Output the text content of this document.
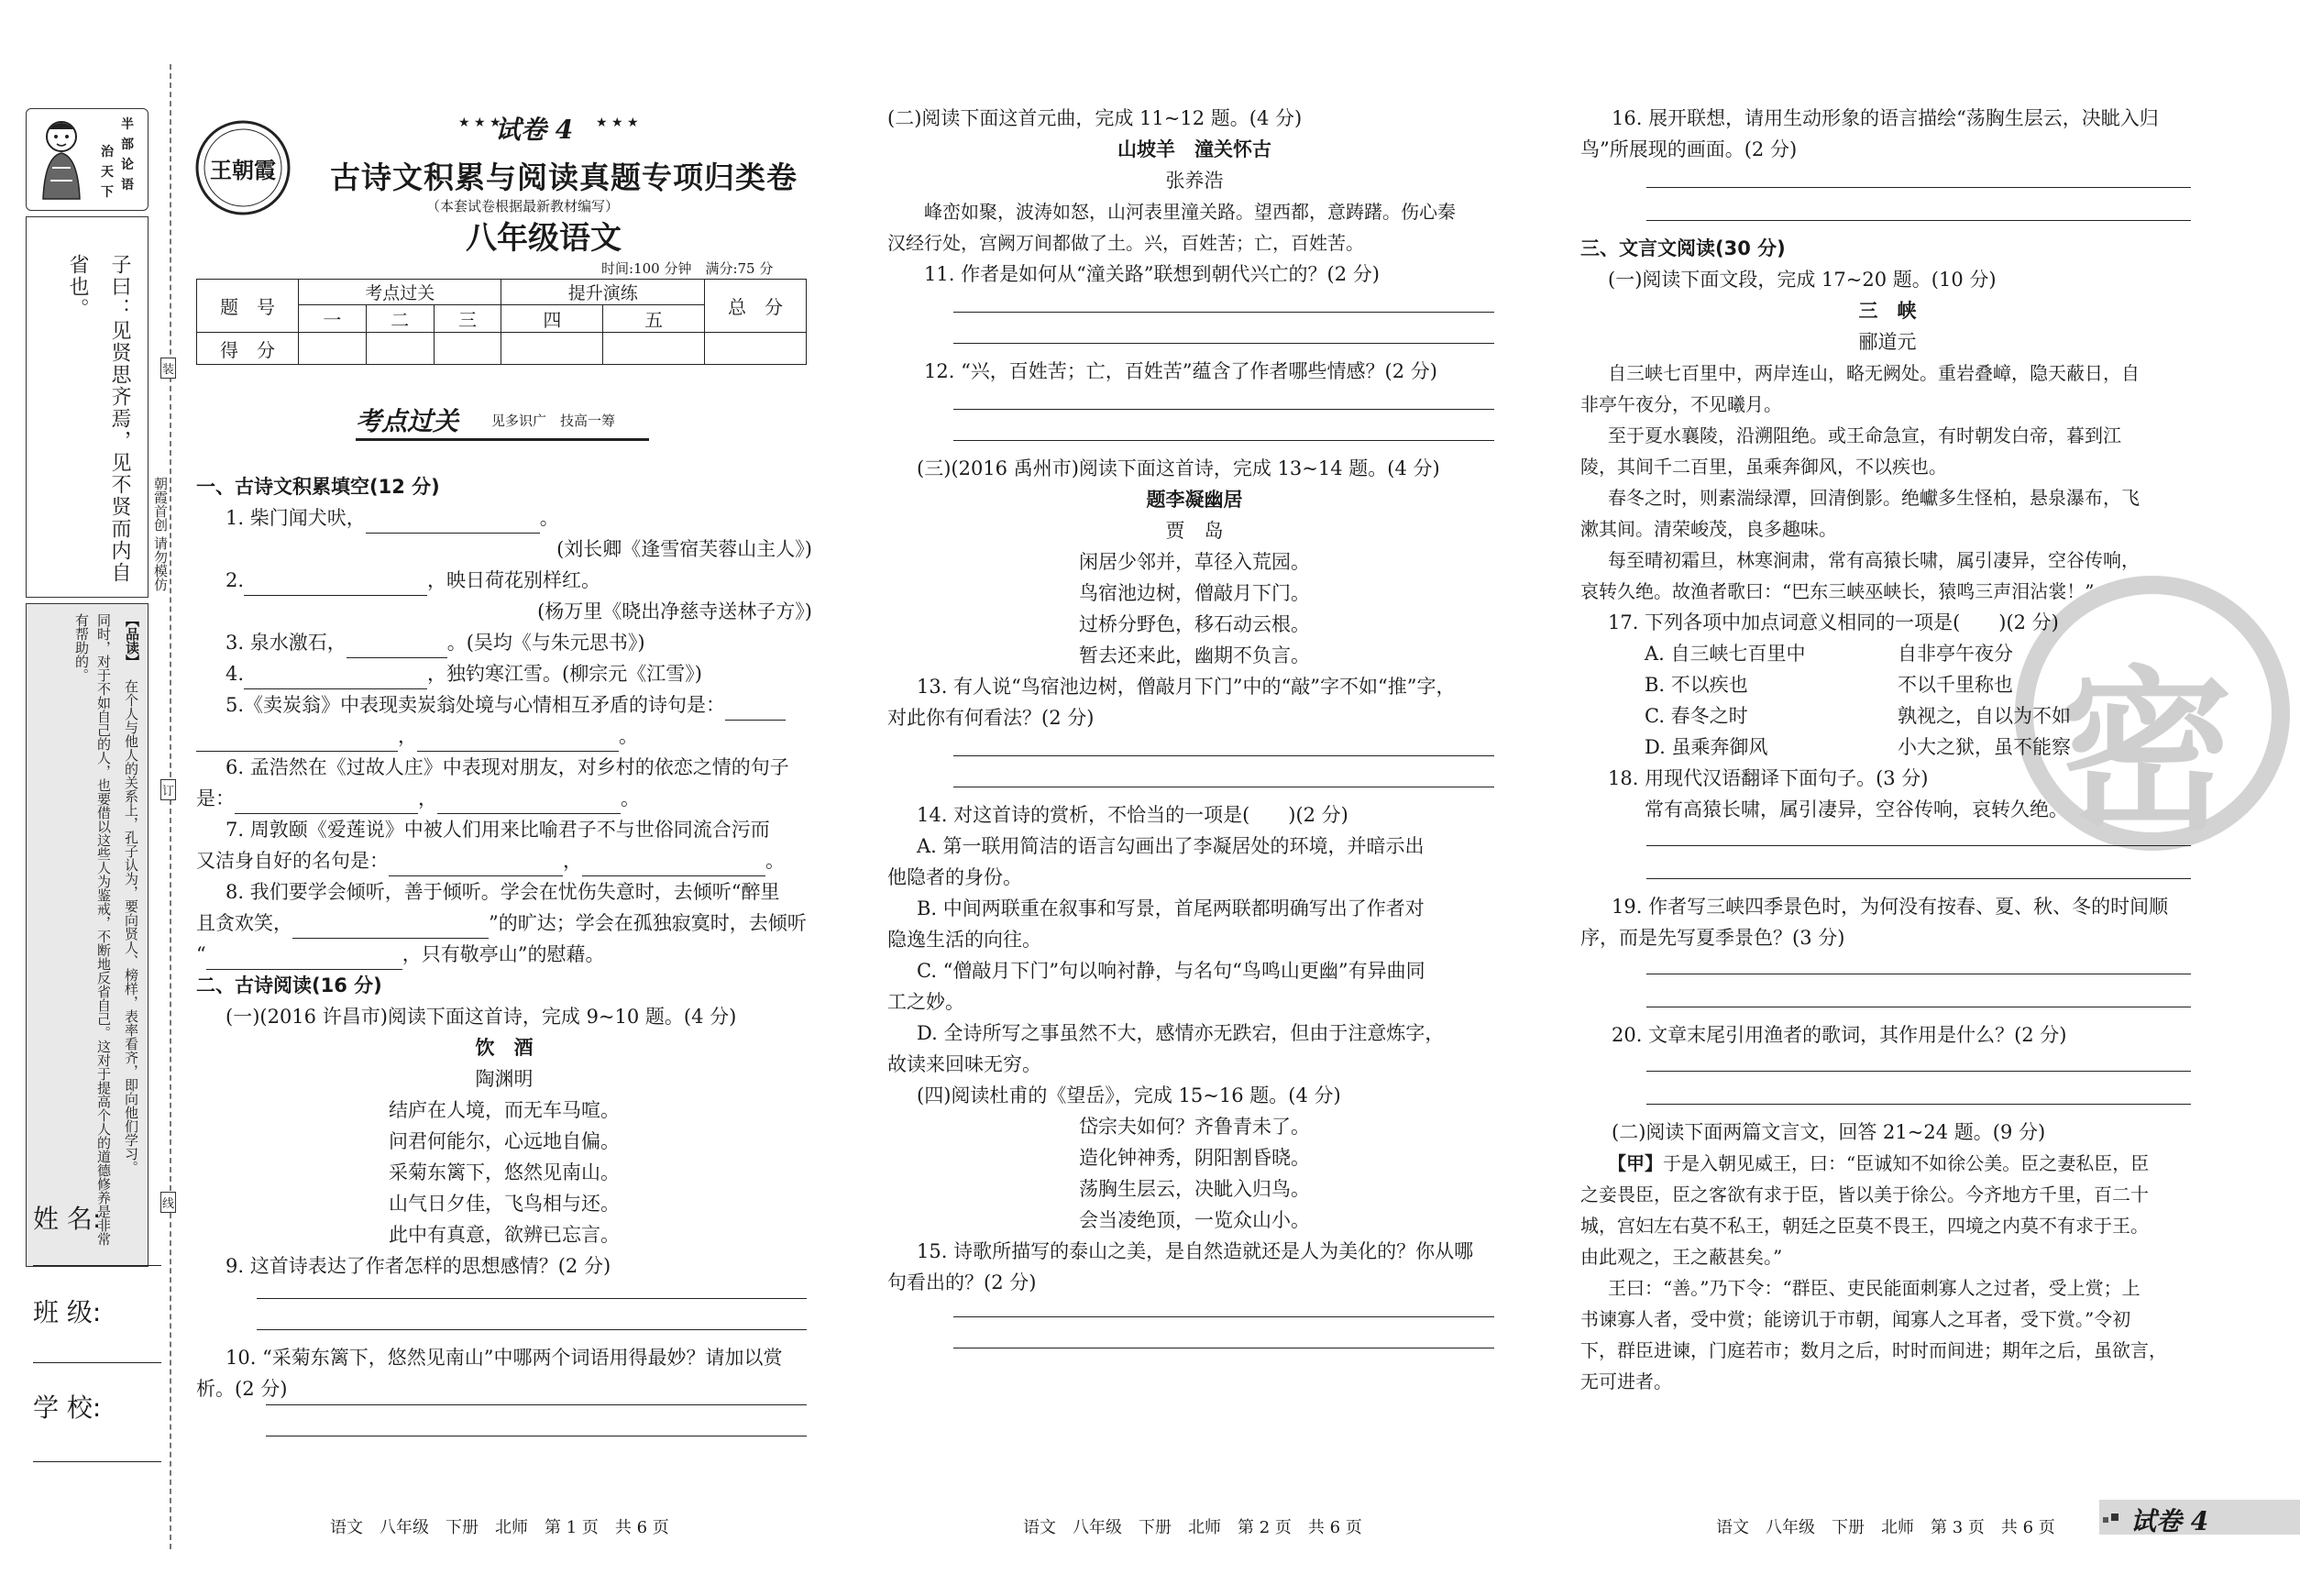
半
部
论
语
治
天
下
子曰：见贤思齐焉，见不贤而内自省也。
【品读】
在个人与他人的关系上，孔子认为，要向贤人、榜样，表率看齐，即向他们学习。
同时，对于不如自己的人，也要借以这些人为鉴戒，不断地反省自己。这对于提高个人的道德修养是非常有帮助的。
姓 名:
班 级:
学 校:
朝霞首创 请勿模仿
装
订
线
王朝霞
试卷 4
★ ★ ★	★ ★ ★
古诗文积累与阅读真题专项归类卷
（本套试卷根据最新教材编写）
八年级语文
时间:100 分钟　满分:75 分
题　号	考点过关			提升演练		总　分
	一	二	三	四	五	
得　分						
考点过关 见多识广　技高一筹
一、古诗文积累填空(12 分)
1. 柴门闻犬吠，	。
(刘长卿《逢雪宿芙蓉山主人》)
2.	，映日荷花别样红。
(杨万里《晓出净慈寺送林子方》)
3. 泉水激石，	。(吴均《与朱元思书》)
4.	，独钓寒江雪。(柳宗元《江雪》)
5.《卖炭翁》中表现卖炭翁处境与心情相互矛盾的诗句是：
，	。
6. 孟浩然在《过故人庄》中表现对朋友，对乡村的依恋之情的句子
是：	，	。
7. 周敦颐《爱莲说》中被人们用来比喻君子不与世俗同流合污而
又洁身自好的名句是：	，	。
8. 我们要学会倾听，善于倾听。学会在忧伤失意时，去倾听“醉里
且贪欢笑，	”的旷达；学会在孤独寂寞时，去倾听
“	，只有敬亭山”的慰藉。
二、古诗阅读(16 分)
(一)(2016 许昌市)阅读下面这首诗，完成 9~10 题。(4 分)
饮　酒
陶渊明
结庐在人境，而无车马喧。
问君何能尔，心远地自偏。
采菊东篱下，悠然见南山。
山气日夕佳，飞鸟相与还。
此中有真意，欲辨已忘言。
9. 这首诗表达了作者怎样的思想感情？(2 分)
10. “采菊东篱下，悠然见南山”中哪两个词语用得最妙？请加以赏
析。(2 分)
语文　八年级　下册　北师　第 1 页　共 6 页
(二)阅读下面这首元曲，完成 11~12 题。(4 分)
山坡羊　潼关怀古
张养浩
峰峦如聚，波涛如怒，山河表里潼关路。望西都，意踌躇。伤心秦
汉经行处，宫阙万间都做了土。兴，百姓苦；亡，百姓苦。
11. 作者是如何从“潼关路”联想到朝代兴亡的？(2 分)
12. “兴，百姓苦；亡，百姓苦”蕴含了作者哪些情感？(2 分)
(三)(2016 禹州市)阅读下面这首诗，完成 13~14 题。(4 分)
题李凝幽居
贾　岛
闲居少邻并，草径入荒园。
鸟宿池边树，僧敲月下门。
过桥分野色，移石动云根。
暂去还来此，幽期不负言。
13. 有人说“鸟宿池边树，僧敲月下门”中的“敲”字不如“推”字，
对此你有何看法？(2 分)
14. 对这首诗的赏析，不恰当的一项是(　　)(2 分)
A. 第一联用简洁的语言勾画出了李凝居处的环境，并暗示出
他隐者的身份。
B. 中间两联重在叙事和写景，首尾两联都明确写出了作者对
隐逸生活的向往。
C. “僧敲月下门”句以响衬静，与名句“鸟鸣山更幽”有异曲同
工之妙。
D. 全诗所写之事虽然不大，感情亦无跌宕，但由于注意炼字，
故读来回味无穷。
(四)阅读杜甫的《望岳》，完成 15~16 题。(4 分)
岱宗夫如何？齐鲁青未了。
造化钟神秀，阴阳割昏晓。
荡胸生层云，决眦入归鸟。
会当凌绝顶，一览众山小。
15. 诗歌所描写的泰山之美，是自然造就还是人为美化的？你从哪
句看出的？(2 分)
语文　八年级　下册　北师　第 2 页　共 6 页
密
16. 展开联想，请用生动形象的语言描绘“荡胸生层云，决眦入归
鸟”所展现的画面。(2 分)
三、文言文阅读(30 分)
(一)阅读下面文段，完成 17~20 题。(10 分)
三　峡
郦道元
自三峡七百里中，两岸连山，略无阙处。重岩叠嶂，隐天蔽日，自
非亭午夜分，不见曦月。
至于夏水襄陵，沿溯阻绝。或王命急宣，有时朝发白帝，暮到江
陵，其间千二百里，虽乘奔御风，不以疾也。
春冬之时，则素湍绿潭，回清倒影。绝巘多生怪柏，悬泉瀑布，飞
漱其间。清荣峻茂，良多趣味。
每至晴初霜旦，林寒涧肃，常有高猿长啸，属引凄异，空谷传响，
哀转久绝。故渔者歌曰：“巴东三峡巫峡长，猿鸣三声泪沾裳！”
17. 下列各项中加点词意义相同的一项是(　　)(2 分)
A. 自三峡七百里中	自非亭午夜分
B. 不以疾也	不以千里称也
C. 春冬之时	孰视之，自以为不如
D. 虽乘奔御风	小大之狱，虽不能察
18. 用现代汉语翻译下面句子。(3 分)
常有高猿长啸，属引凄异，空谷传响，哀转久绝。
19. 作者写三峡四季景色时，为何没有按春、夏、秋、冬的时间顺
序，而是先写夏季景色？(3 分)
20. 文章末尾引用渔者的歌词，其作用是什么？(2 分)
(二)阅读下面两篇文言文，回答 21~24 题。(9 分)
【甲】于是入朝见威王，曰：“臣诚知不如徐公美。臣之妻私臣，臣
之妾畏臣，臣之客欲有求于臣，皆以美于徐公。今齐地方千里，百二十
城，宫妇左右莫不私王，朝廷之臣莫不畏王，四境之内莫不有求于王。
由此观之，王之蔽甚矣。”
王曰：“善。”乃下令：“群臣、吏民能面刺寡人之过者，受上赏；上
书谏寡人者，受中赏；能谤讥于市朝，闻寡人之耳者，受下赏。”令初
下，群臣进谏，门庭若市；数月之后，时时而间进；期年之后，虽欲言，
无可进者。
语文　八年级　下册　北师　第 3 页　共 6 页	试卷 4
